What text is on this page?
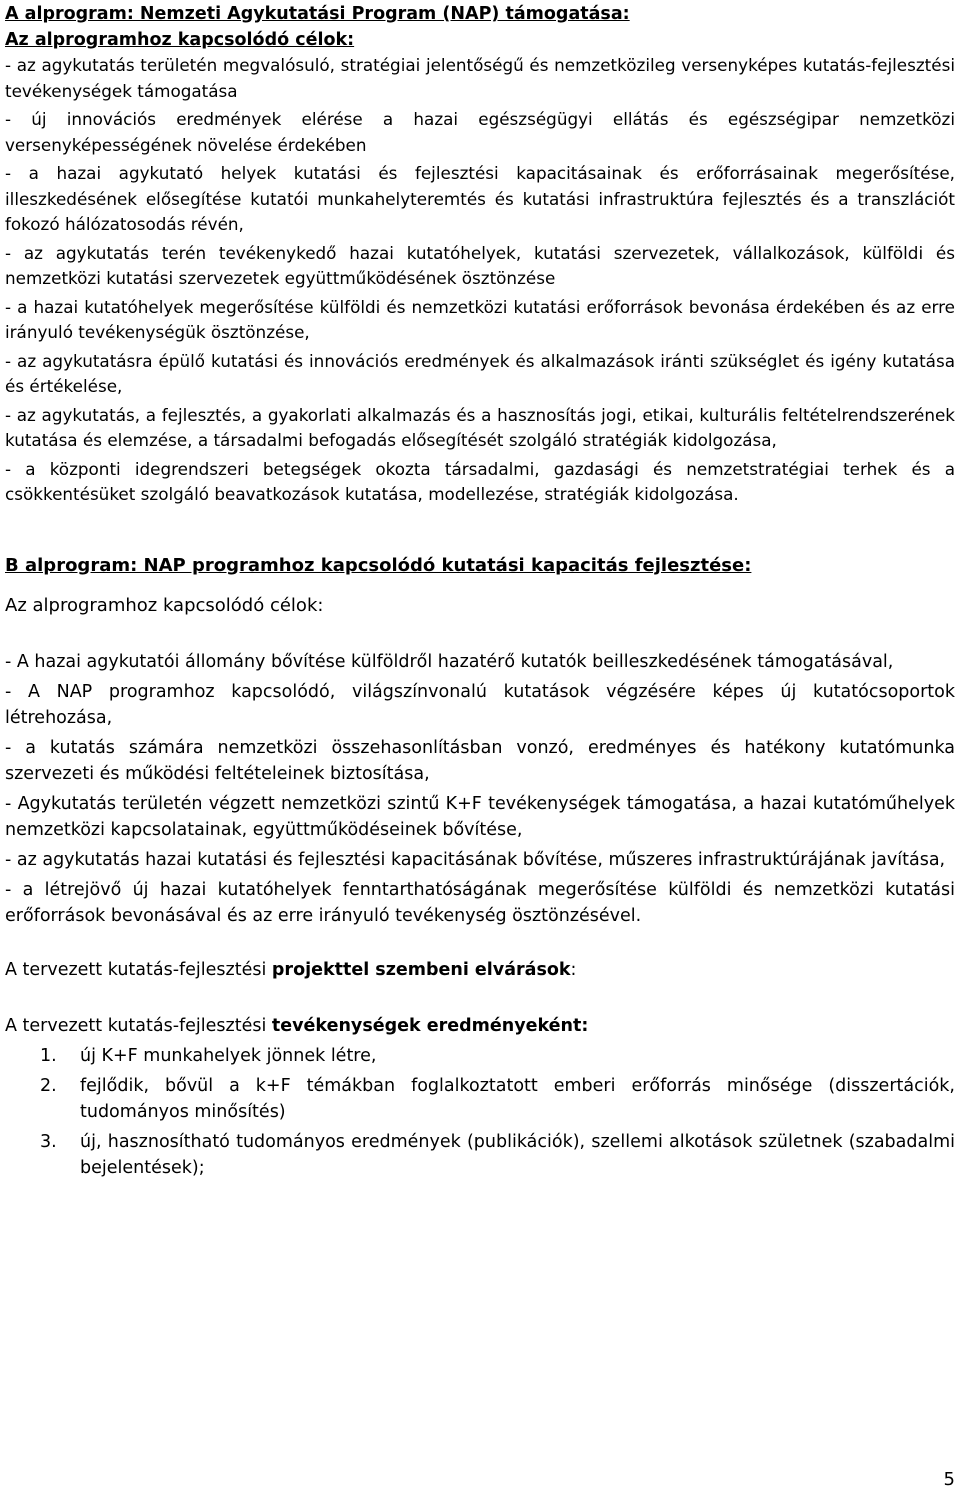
A alprogram: Nemzeti Agykutatási Program (NAP) támogatása:
Az alprogramhoz kapcsolódó célok:

- az agykutatás területén megvalósuló, stratégiai jelentőségű és nemzetközileg versenyképes kutatás-fejlesztési tevékenységek támogatása

- új innovációs eredmények elérése a hazai egészségügyi ellátás és egészségipar nemzetközi versenyképességének növelése érdekében

- a hazai agykutató helyek kutatási és fejlesztési kapacitásainak és erőforrásainak megerősítése, illeszkedésének elősegítése kutatói munkahelyteremtés és kutatási infrastruktúra fejlesztés és a transzlációt fokozó hálózatosodás révén,

- az agykutatás terén tevékenykedő hazai kutatóhelyek, kutatási szervezetek, vállalkozások, külföldi és nemzetközi kutatási szervezetek együttműködésének ösztönzése

- a hazai kutatóhelyek megerősítése külföldi és nemzetközi kutatási erőforrások bevonása érdekében és az erre irányuló tevékenységük ösztönzése,

- az agykutatásra épülő kutatási és innovációs eredmények és alkalmazások iránti szükséglet és igény kutatása és értékelése,

- az agykutatás, a fejlesztés, a gyakorlati alkalmazás és a hasznosítás jogi, etikai, kulturális feltételrendszerének kutatása és elemzése, a társadalmi befogadás elősegítését szolgáló stratégiák kidolgozása,

- a központi idegrendszeri betegségek okozta társadalmi, gazdasági és nemzetstratégiai terhek és a csökkentésüket szolgáló beavatkozások kutatása, modellezése, stratégiák kidolgozása.

B alprogram: NAP programhoz kapcsolódó kutatási kapacitás fejlesztése:

Az alprogramhoz kapcsolódó célok:

- A hazai agykutatói állomány bővítése külföldről hazatérő kutatók beilleszkedésének támogatásával,

- A NAP programhoz kapcsolódó, világszínvonalú kutatások végzésére képes új kutatócsoportok létrehozása,

- a kutatás számára nemzetközi összehasonlításban vonzó, eredményes és hatékony kutatómunka szervezeti és működési feltételeinek biztosítása,

- Agykutatás területén végzett nemzetközi szintű K+F tevékenységek támogatása, a hazai kutatóműhelyek nemzetközi kapcsolatainak, együttműködéseinek bővítése,

- az agykutatás hazai kutatási és fejlesztési kapacitásának bővítése, műszeres infrastruktúrájának javítása,

- a létrejövő új hazai kutatóhelyek fenntarthatóságának megerősítése külföldi és nemzetközi kutatási erőforrások bevonásával és az erre irányuló tevékenység ösztönzésével.

A tervezett kutatás-fejlesztési projekttel szembeni elvárások:

A tervezett kutatás-fejlesztési tevékenységek eredményeként:

1. új K+F munkahelyek jönnek létre,
2. fejlődik, bővül a k+F témákban foglalkoztatott emberi erőforrás minősége (disszertációk, tudományos minősítés)
3. új, hasznosítható tudományos eredmények (publikációk), szellemi alkotások születnek (szabadalmi bejelentések);
5
